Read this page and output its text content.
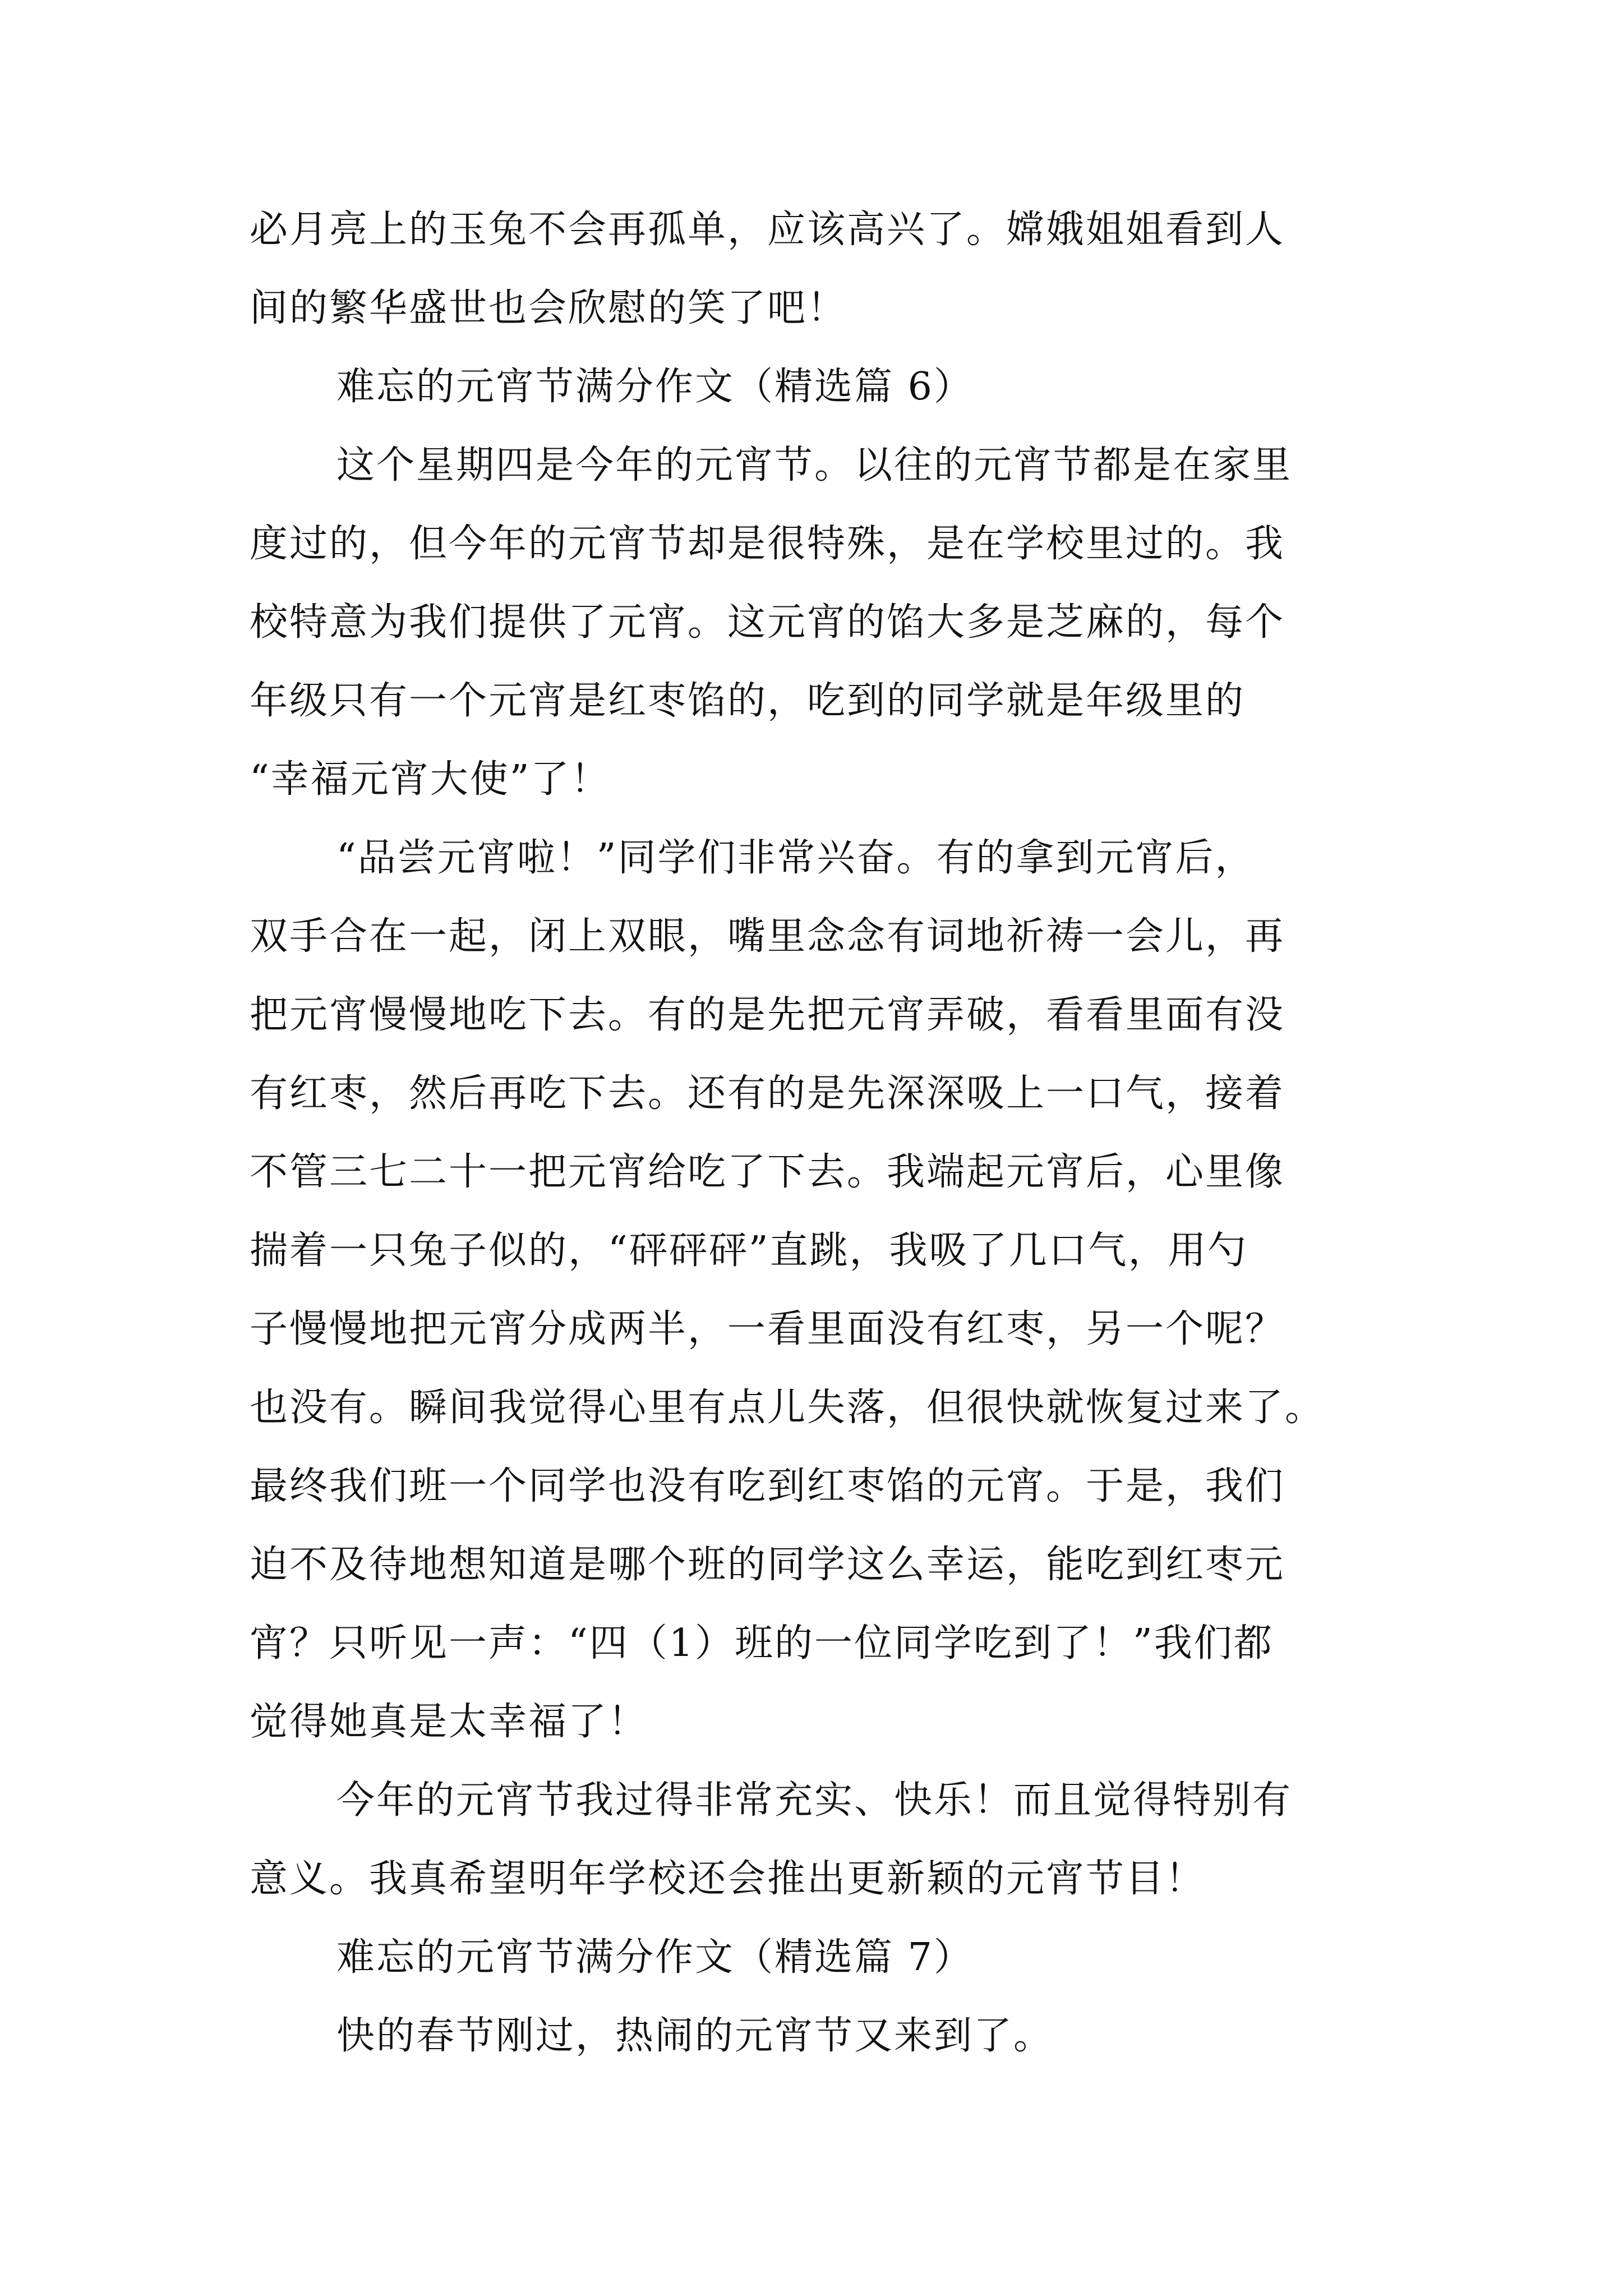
必月亮上的玉兔不会再孤单，应该高兴了。嫦娥姐姐看到人
间的繁华盛世也会欣慰的笑了吧！
难忘的元宵节满分作文（精选篇 6）
这个星期四是今年的元宵节。以往的元宵节都是在家里
度过的，但今年的元宵节却是很特殊，是在学校里过的。我
校特意为我们提供了元宵。这元宵的馅大多是芝麻的，每个
年级只有一个元宵是红枣馅的，吃到的同学就是年级里的
“幸福元宵大使”了！
“品尝元宵啦！”同学们非常兴奋。有的拿到元宵后，
双手合在一起，闭上双眼，嘴里念念有词地祈祷一会儿，再
把元宵慢慢地吃下去。有的是先把元宵弄破，看看里面有没
有红枣，然后再吃下去。还有的是先深深吸上一口气，接着
不管三七二十一把元宵给吃了下去。我端起元宵后，心里像
揣着一只兔子似的，“砰砰砰”直跳，我吸了几口气，用勺
子慢慢地把元宵分成两半，一看里面没有红枣，另一个呢？
也没有。瞬间我觉得心里有点儿失落，但很快就恢复过来了。
最终我们班一个同学也没有吃到红枣馅的元宵。于是，我们
迫不及待地想知道是哪个班的同学这么幸运，能吃到红枣元
宵？只听见一声：“四（1）班的一位同学吃到了！”我们都
觉得她真是太幸福了！
今年的元宵节我过得非常充实、快乐！而且觉得特别有
意义。我真希望明年学校还会推出更新颖的元宵节目！
难忘的元宵节满分作文（精选篇 7）
快的春节刚过，热闹的元宵节又来到了。
